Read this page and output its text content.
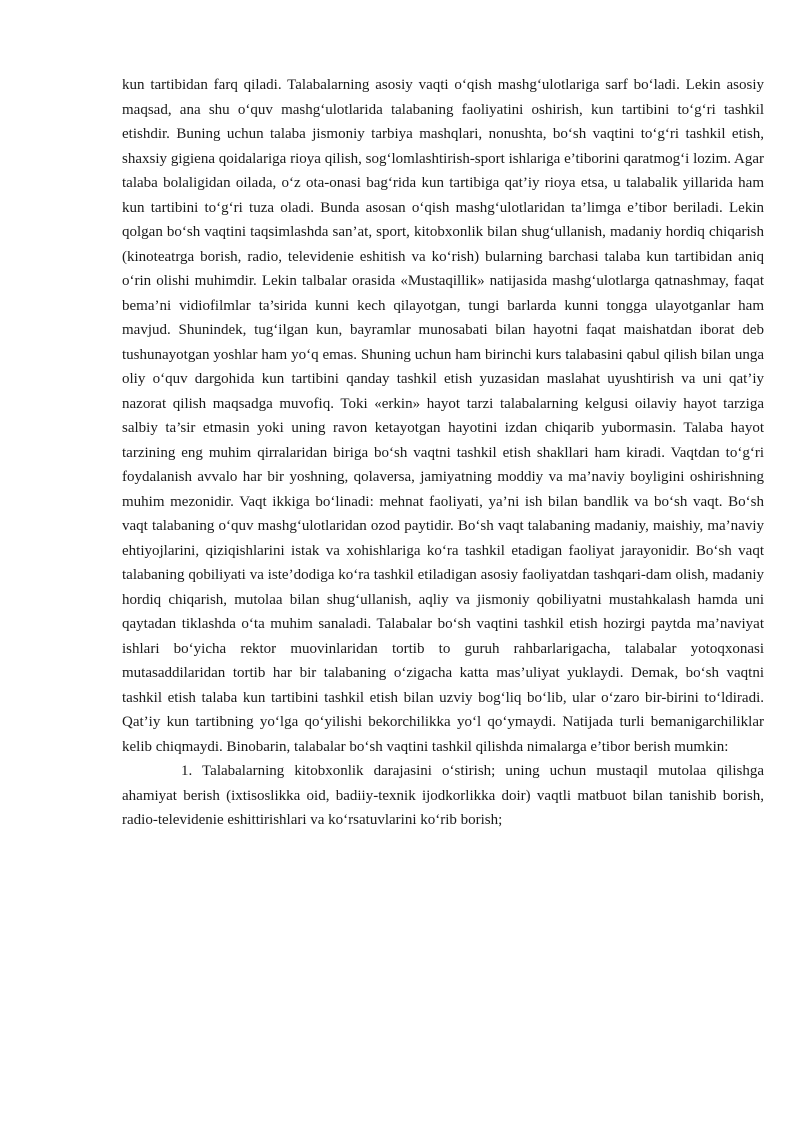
kun tartibidan farq qiladi. Talabalarning asosiy vaqti o‘qish mashg‘ulotlariga sarf bo‘ladi. Lekin asosiy maqsad, ana shu o‘quv mashg‘ulotlarida talabaning faoliyatini oshirish, kun tartibini to‘g‘ri tashkil etishdir. Buning uchun talaba jismoniy tarbiya mashqlari, nonushta, bo‘sh vaqtini to‘g‘ri tashkil etish, shaxsiy gigiena qoidalariga rioya qilish, sog‘lomlashtirish-sport ishlariga e’tiborini qaratmog‘i lozim. Agar talaba bolaligidan oilada, o‘z ota-onasi bag‘rida kun tartibiga qat’iy rioya etsa, u talabalik yillarida ham kun tartibini to‘g‘ri tuza oladi. Bunda asosan o‘qish mashg‘ulotlaridan ta’limga e’tibor beriladi. Lekin qolgan bo‘sh vaqtini taqsimlashda san’at, sport, kitobxonlik bilan shug‘ullanish, madaniy hordiq chiqarish (kinoteatrga borish, radio, televidenie eshitish va ko‘rish) bularning barchasi talaba kun tartibidan aniq o‘rin olishi muhimdir. Lekin talbalar orasida «Mustaqillik» natijasida mashg‘ulotlarga qatnashmay, faqat bema’ni vidiofilmlar ta’sirida kunni kech qilayotgan, tungi barlarda kunni tongga ulayotganlar ham mavjud. Shunindek, tug‘ilgan kun, bayramlar munosabati bilan hayotni faqat maishatdan iborat deb tushunayotgan yoshlar ham yo‘q emas. Shuning uchun ham birinchi kurs talabasini qabul qilish bilan unga oliy o‘quv dargohida kun tartibini qanday tashkil etish yuzasidan maslahat uyushtirish va uni qat’iy nazorat qilish maqsadga muvofiq. Toki «erkin» hayot tarzi talabalarning kelgusi oilaviy hayot tarziga salbiy ta’sir etmasin yoki uning ravon ketayotgan hayotini izdan chiqarib yubormasin. Talaba hayot tarzining eng muhim qirralaridan biriga bo‘sh vaqtni tashkil etish shakllari ham kiradi. Vaqtdan to‘g‘ri foydalanish avvalo har bir yoshning, qolaversa, jamiyatning moddiy va ma’naviy boyligini oshirishning muhim mezonidir. Vaqt ikkiga bo‘linadi: mehnat faoliyati, ya’ni ish bilan bandlik va bo‘sh vaqt. Bo‘sh vaqt talabaning o‘quv mashg‘ulotlaridan ozod paytidir. Bo‘sh vaqt talabaning madaniy, maishiy, ma’naviy ehtiyojlarini, qiziqishlarini istak va xohishlariga ko‘ra tashkil etadigan faoliyat jarayonidir. Bo‘sh vaqt talabaning qobiliyati va iste’dodiga ko‘ra tashkil etiladigan asosiy faoliyatdan tashqari-dam olish, madaniy hordiq chiqarish, mutolaa bilan shug‘ullanish, aqliy va jismoniy qobiliyatni mustahkalash hamda uni qaytadan tiklashda o‘ta muhim sanaladi. Talabalar bo‘sh vaqtini tashkil etish hozirgi paytda ma’naviyat ishlari bo‘yicha rektor muovinlaridan tortib to guruh rahbarlarigacha, talabalar yotoqxonasi mutasaddilaridan tortib har bir talabaning o‘zigacha katta mas’uliyat yuklaydi. Demak, bo‘sh vaqtni tashkil etish talaba kun tartibini tashkil etish bilan uzviy bog‘liq bo‘lib, ular o‘zaro bir-birini to‘ldiradi. Qat’iy kun tartibning yo‘lga qo‘yilishi bekorchilikka yo‘l qo‘ymaydi. Natijada turli bemanigarchiliklar kelib chiqmaydi. Binobarin, talabalar bo‘sh vaqtini tashkil qilishda nimalarga e’tibor berish mumkin:

1. Talabalarning kitobxonlik darajasini o‘stirish; uning uchun mustaqil mutolaa qilishga ahamiyat berish (ixtisoslikka oid, badiiy-texnik ijodkorlikka doir) vaqtli matbuot bilan tanishib borish, radio-televidenie eshittirishlari va ko‘rsatuvlarini ko‘rib borish;
